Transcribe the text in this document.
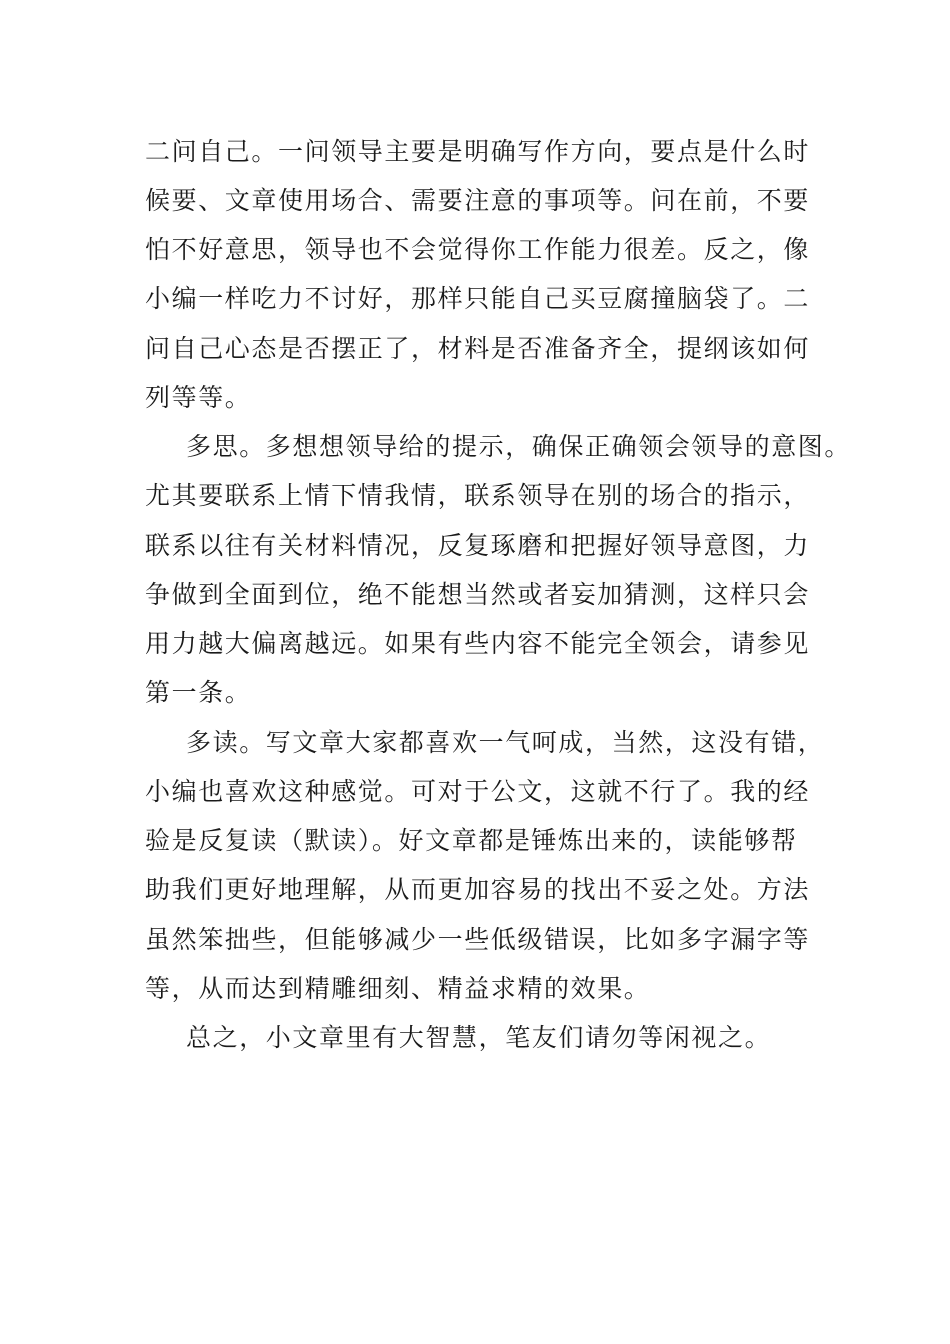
二问自己。一问领导主要是明确写作方向，要点是什么时
候要、文章使用场合、需要注意的事项等。问在前，不要
怕不好意思，领导也不会觉得你工作能力很差。反之，像
小编一样吃力不讨好，那样只能自己买豆腐撞脑袋了。二
问自己心态是否摆正了，材料是否准备齐全，提纲该如何
列等等。
多思。多想想领导给的提示，确保正确领会领导的意图。
尤其要联系上情下情我情，联系领导在别的场合的指示，
联系以往有关材料情况，反复琢磨和把握好领导意图，力
争做到全面到位，绝不能想当然或者妄加猜测，这样只会
用力越大偏离越远。如果有些内容不能完全领会，请参见
第一条。
多读。写文章大家都喜欢一气呵成，当然，这没有错，
小编也喜欢这种感觉。可对于公文，这就不行了。我的经
验是反复读（默读）。好文章都是锤炼出来的，读能够帮
助我们更好地理解，从而更加容易的找出不妥之处。方法
虽然笨拙些，但能够减少一些低级错误，比如多字漏字等
等，从而达到精雕细刻、精益求精的效果。
总之，小文章里有大智慧，笔友们请勿等闲视之。
